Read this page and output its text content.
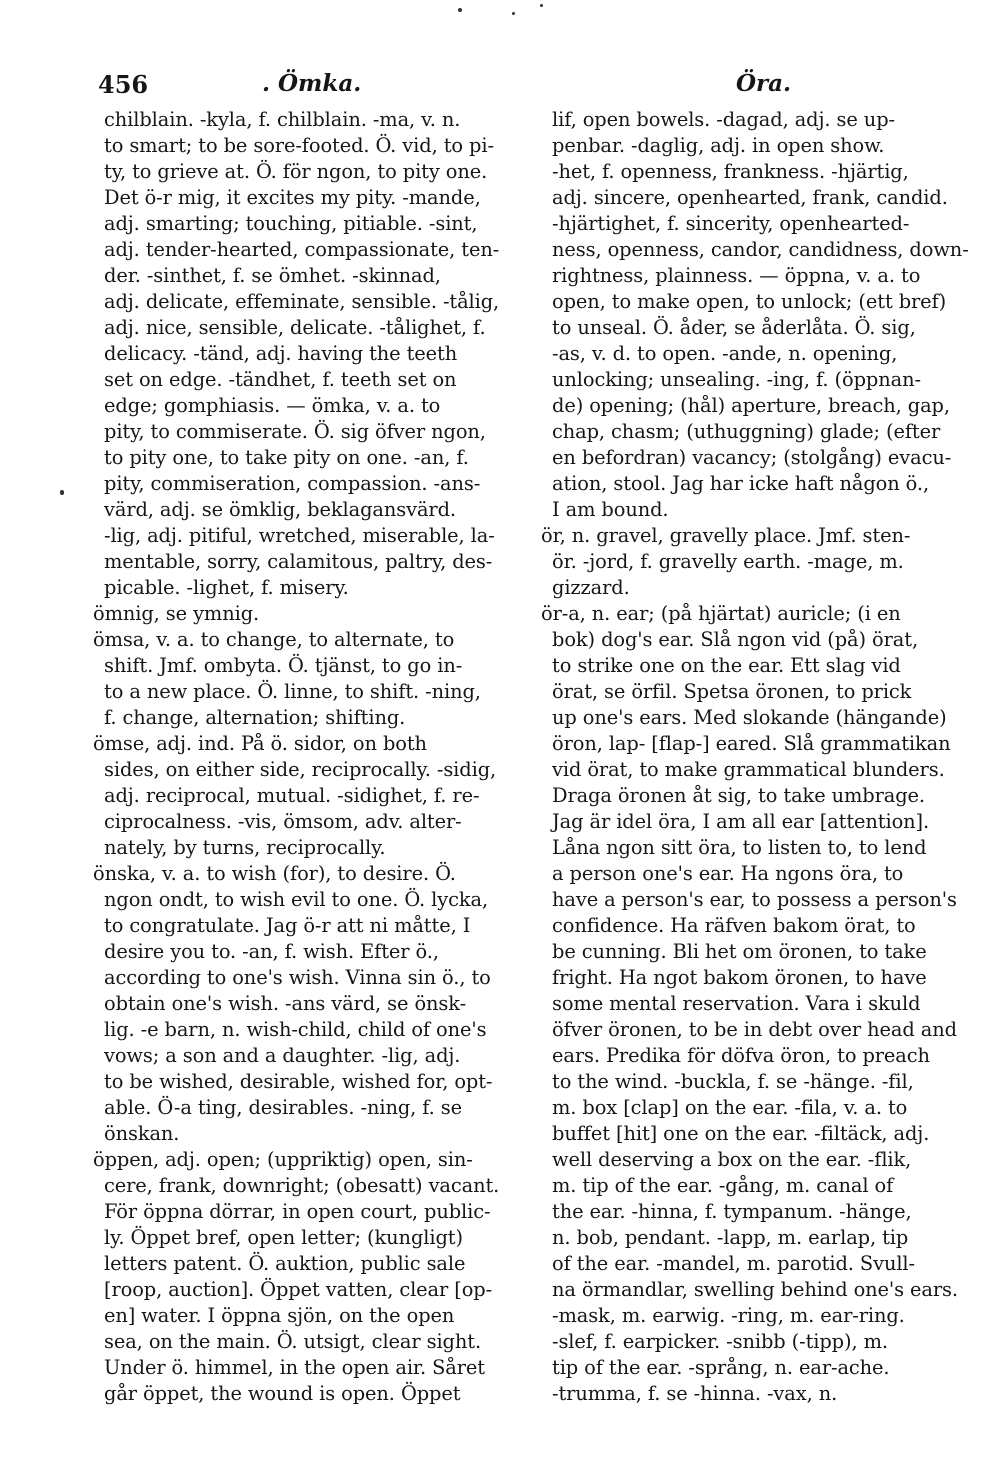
456	. Ömka.	Öra.
chilblain. -kyla, f. chilblain. -ma, v. n.
to smart; to be sore-footed. Ö. vid, to pi-
ty, to grieve at. Ö. för ngon, to pity one.
Det ö-r mig, it excites my pity. -mande,
adj. smarting; touching, pitiable. -sint,
adj. tender-hearted, compassionate, ten-
der. -sinthet, f. se ömhet. -skinnad,
adj. delicate, effeminate, sensible. -tålig,
adj. nice, sensible, delicate. -tålighet, f.
delicacy. -tänd, adj. having the teeth
set on edge. -tändhet, f. teeth set on
edge; gomphiasis. — ömka, v. a. to
pity, to commiserate. Ö. sig öfver ngon,
to pity one, to take pity on one. -an, f.
pity, commiseration, compassion. -ans-
värd, adj. se ömklig, beklagansvärd.
-lig, adj. pitiful, wretched, miserable, la-
mentable, sorry, calamitous, paltry, des-
picable. -lighet, f. misery.
ömnig, se ymnig.
ömsa, v. a. to change, to alternate, to
shift. Jmf. ombyta. Ö. tjänst, to go in-
to a new place. Ö. linne, to shift. -ning,
f. change, alternation; shifting.
ömse, adj. ind. På ö. sidor, on both
sides, on either side, reciprocally. -sidig,
adj. reciprocal, mutual. -sidighet, f. re-
ciprocalness. -vis, ömsom, adv. alter-
nately, by turns, reciprocally.
önska, v. a. to wish (for), to desire. Ö.
ngon ondt, to wish evil to one. Ö. lycka,
to congratulate. Jag ö-r att ni måtte, I
desire you to. -an, f. wish. Efter ö.,
according to one's wish. Vinna sin ö., to
obtain one's wish. -ans värd, se önsk-
lig. -e barn, n. wish-child, child of one's
vows; a son and a daughter. -lig, adj.
to be wished, desirable, wished for, opt-
able. Ö-a ting, desirables. -ning, f. se
önskan.
öppen, adj. open; (uppriktig) open, sin-
cere, frank, downright; (obesatt) vacant.
För öppna dörrar, in open court, public-
ly. Öppet bref, open letter; (kungligt)
letters patent. Ö. auktion, public sale
[roop, auction]. Öppet vatten, clear [op-
en] water. I öppna sjön, on the open
sea, on the main. Ö. utsigt, clear sight.
Under ö. himmel, in the open air. Såret
går öppet, the wound is open. Öppet
lif, open bowels. -dagad, adj. se up-
penbar. -daglig, adj. in open show.
-het, f. openness, frankness. -hjärtig,
adj. sincere, openhearted, frank, candid.
-hjärtighet, f. sincerity, openhearted-
ness, openness, candor, candidness, down-
rightness, plainness. — öppna, v. a. to
open, to make open, to unlock; (ett bref)
to unseal. Ö. åder, se åderlåta. Ö. sig,
-as, v. d. to open. -ande, n. opening,
unlocking; unsealing. -ing, f. (öppnan-
de) opening; (hål) aperture, breach, gap,
chap, chasm; (uthuggning) glade; (efter
en befordran) vacancy; (stolgång) evacu-
ation, stool. Jag har icke haft någon ö.,
I am bound.
ör, n. gravel, gravelly place. Jmf. sten-
ör. -jord, f. gravelly earth. -mage, m.
gizzard.
ör-a, n. ear; (på hjärtat) auricle; (i en
bok) dog's ear. Slå ngon vid (på) örat,
to strike one on the ear. Ett slag vid
örat, se örfil. Spetsa öronen, to prick
up one's ears. Med slokande (hängande)
öron, lap- [flap-] eared. Slå grammatikan
vid örat, to make grammatical blunders.
Draga öronen åt sig, to take umbrage.
Jag är idel öra, I am all ear [attention].
Låna ngon sitt öra, to listen to, to lend
a person one's ear. Ha ngons öra, to
have a person's ear, to possess a person's
confidence. Ha räfven bakom örat, to
be cunning. Bli het om öronen, to take
fright. Ha ngot bakom öronen, to have
some mental reservation. Vara i skuld
öfver öronen, to be in debt over head and
ears. Predika för döfva öron, to preach
to the wind. -buckla, f. se -hänge. -fil,
m. box [clap] on the ear. -fila, v. a. to
buffet [hit] one on the ear. -filtäck, adj.
well deserving a box on the ear. -flik,
m. tip of the ear. -gång, m. canal of
the ear. -hinna, f. tympanum. -hänge,
n. bob, pendant. -lapp, m. earlap, tip
of the ear. -mandel, m. parotid. Svull-
na örmandlar, swelling behind one's ears.
-mask, m. earwig. -ring, m. ear-ring.
-slef, f. earpicker. -snibb (-tipp), m.
tip of the ear. -språng, n. ear-ache.
-trumma, f. se -hinna. -vax, n.
